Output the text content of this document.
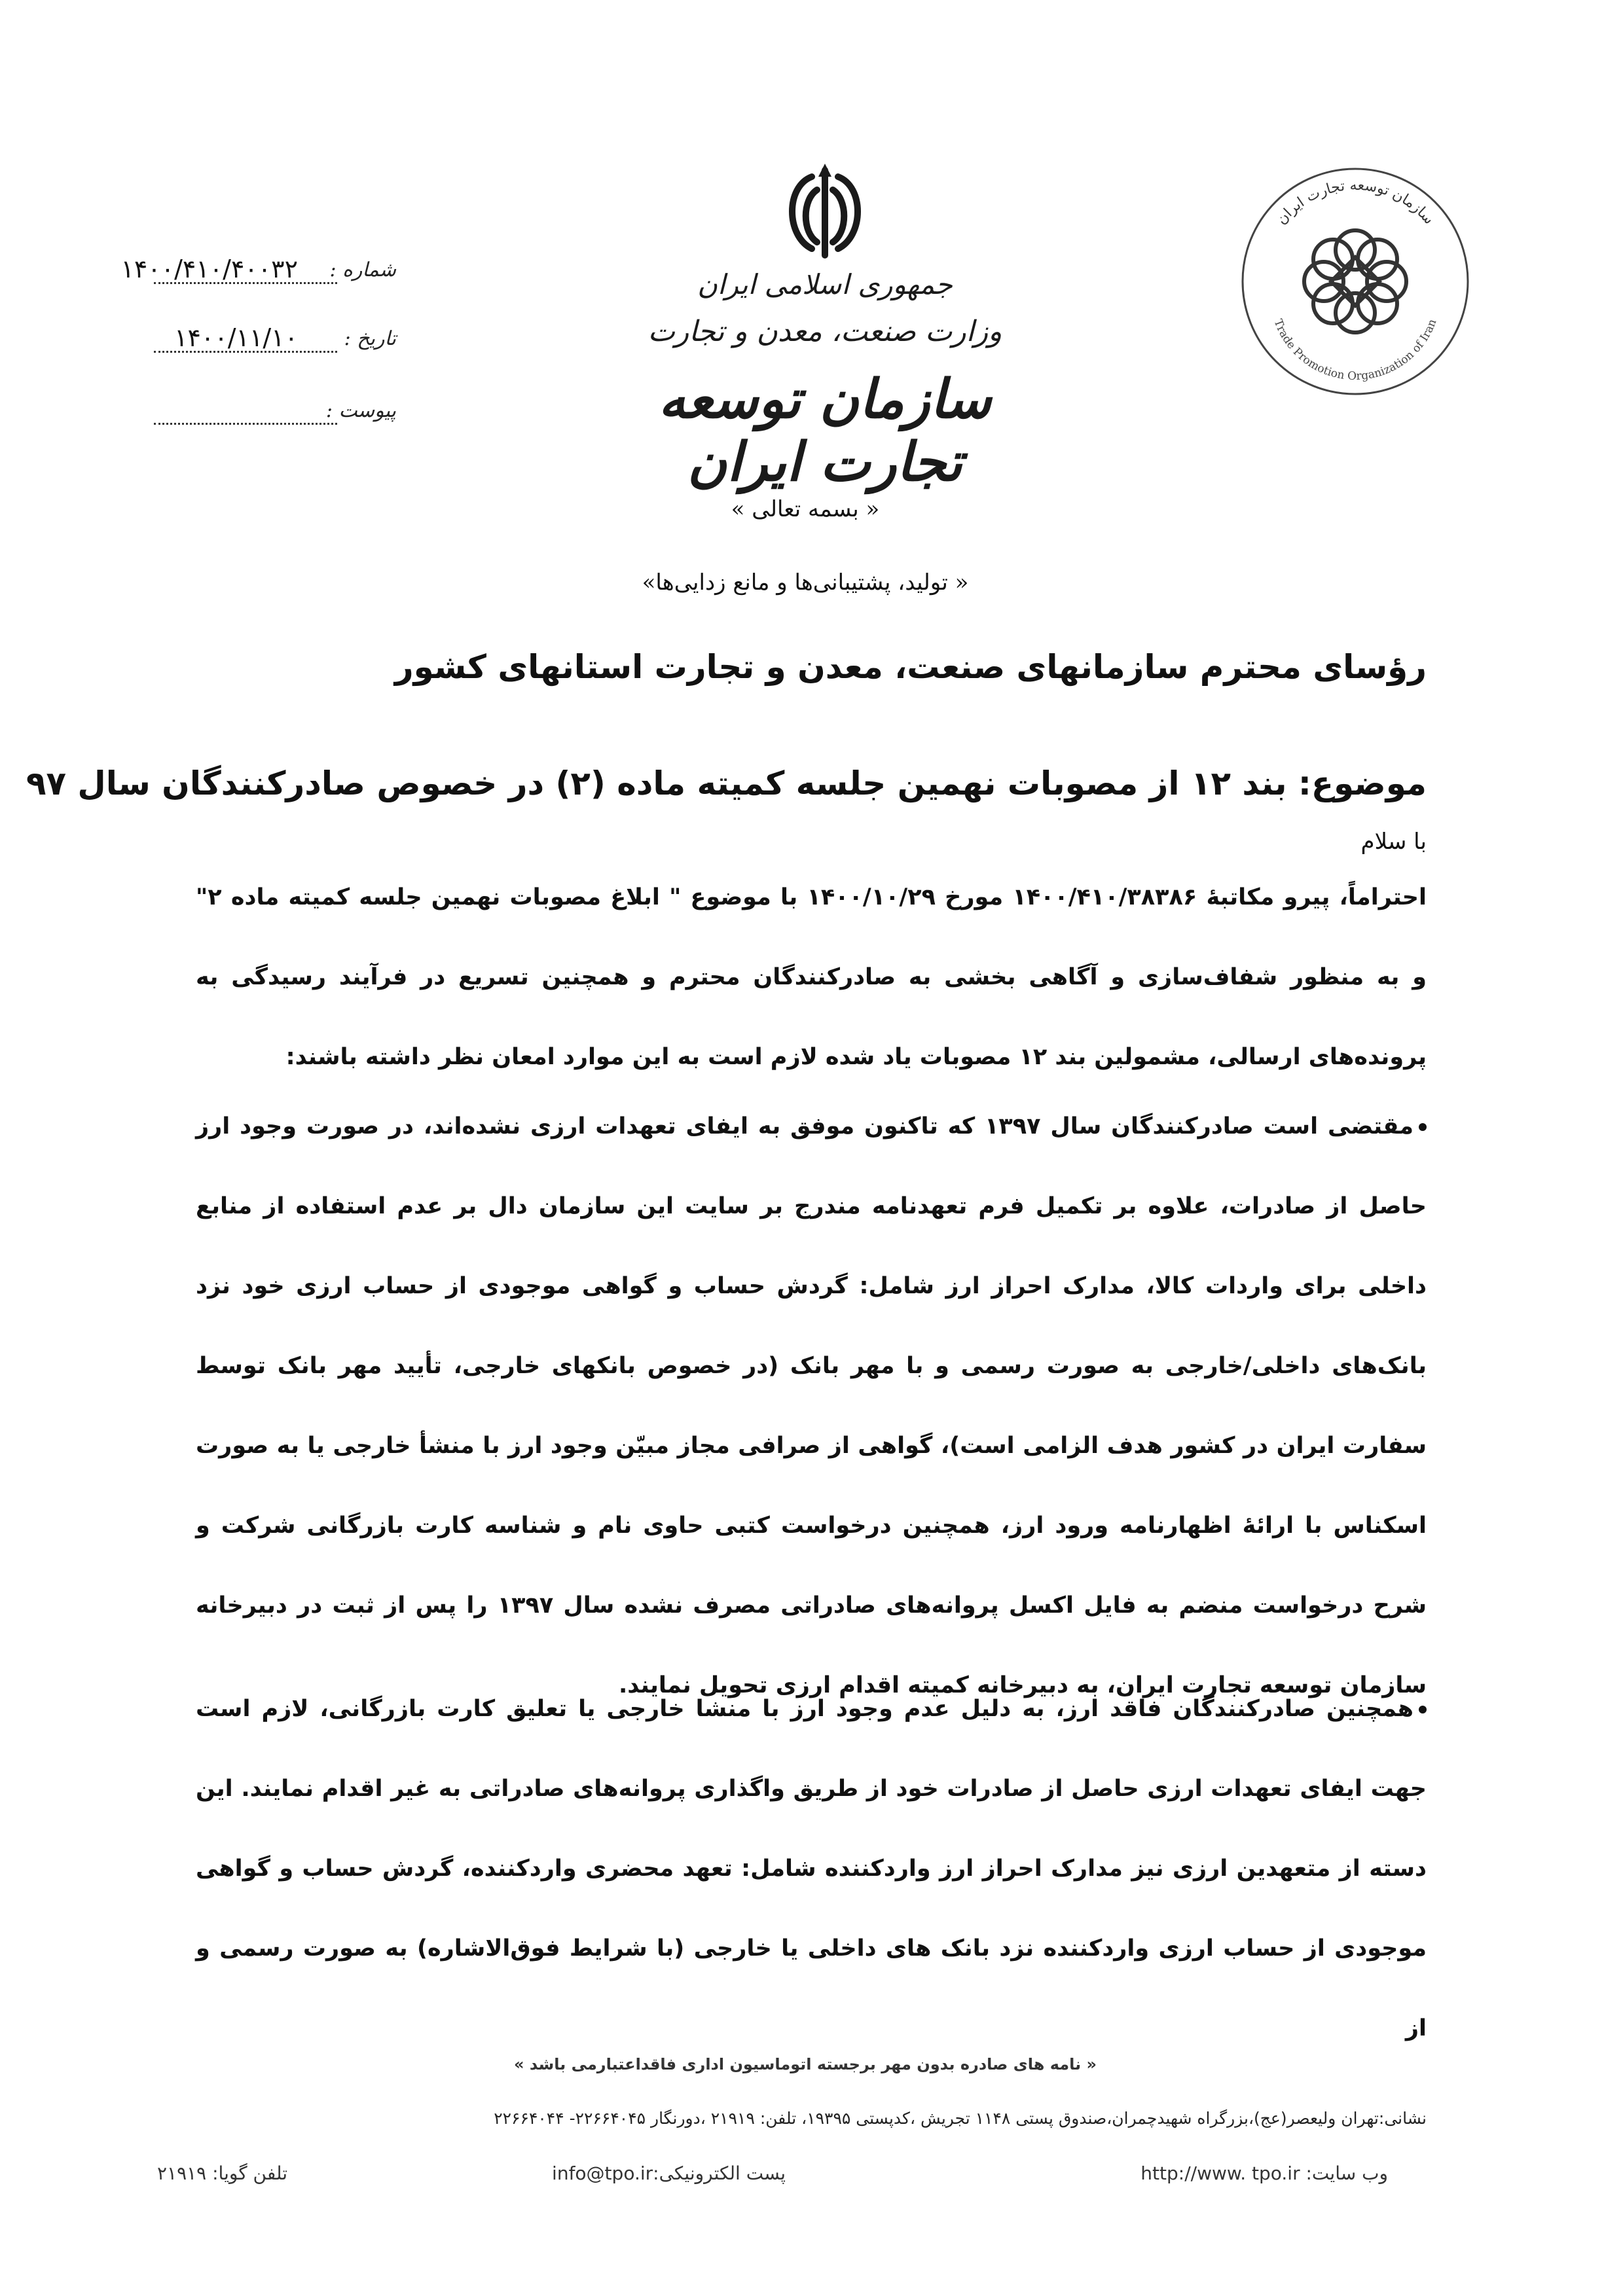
جمهوری اسلامی ایران
وزارت صنعت، معدن و تجارت
سازمان توسعه تجارت ایران
شماره :
۱۴۰۰/۴۱۰/۴۰۰۳۲
تاریخ :
۱۴۰۰/۱۱/۱۰
پیوست :
سازمان توسعه تجارت ایران
Trade Promotion Organization of Iran
« بسمه تعالی »
« تولید، پشتیبانی‌ها و مانع زدایی‌ها»
رؤسای محترم سازمانهای صنعت، معدن و تجارت استانهای کشور
موضوع: بند ۱۲ از مصوبات نهمین جلسه کمیته ماده (۲) در خصوص صادرکنندگان سال ۹۷
با سلام
احتراماً، پیرو مکاتبهٔ ۱۴۰۰/۴۱۰/۳۸۳۸۶ مورخ ۱۴۰۰/۱۰/۲۹ با موضوع " ابلاغ مصوبات نهمین جلسه کمیته ماده ۲" و به منظور شفاف‌سازی و آگاهی بخشی به صادرکنندگان محترم و همچنین تسریع در فرآیند رسیدگی به پرونده‌های ارسالی، مشمولین بند ۱۲ مصوبات یاد شده لازم است به این موارد امعان نظر داشته باشند:
مقتضی است صادرکنندگان سال ۱۳۹۷ که تاکنون موفق به ایفای تعهدات ارزی نشده‌اند، در صورت وجود ارز حاصل از صادرات، علاوه بر تکمیل فرم تعهدنامه مندرج بر سایت این سازمان دال بر عدم استفاده از منابع داخلی برای واردات کالا، مدارک احراز ارز شامل: گردش حساب و گواهی موجودی از حساب ارزی خود نزد بانک‌های داخلی/خارجی به صورت رسمی و با مهر بانک (در خصوص بانکهای خارجی، تأیید مهر بانک توسط سفارت ایران در کشور هدف الزامی است)، گواهی از صرافی مجاز مبیّن وجود ارز با منشأ خارجی یا به صورت اسکناس با ارائهٔ اظهارنامه ورود ارز، همچنین درخواست کتبی حاوی نام و شناسه کارت بازرگانی شرکت و شرح درخواست منضم به فایل اکسل پروانه‌های صادراتی مصرف نشده سال ۱۳۹۷ را پس از ثبت در دبیرخانه سازمان توسعه تجارت ایران، به دبیرخانه کمیته اقدام ارزی تحویل نمایند.
همچنین صادرکنندگان فاقد ارز، به دلیل عدم وجود ارز با منشا خارجی یا تعلیق کارت بازرگانی، لازم است جهت ایفای تعهدات ارزی حاصل از صادرات خود از طریق واگذاری پروانه‌های صادراتی به غیر اقدام نمایند. این دسته از متعهدین ارزی نیز مدارک احراز ارز واردکننده شامل: تعهد محضری واردکننده، گردش حساب و گواهی موجودی از حساب ارزی واردکننده نزد بانک های داخلی یا خارجی (با شرایط فوق‌الاشاره) به صورت رسمی و از
« نامه های صادره بدون مهر برجسته اتوماسیون اداری فاقداعتبارمی باشد »
نشانی:تهران ولیعصر(عج)،بزرگراه شهیدچمران،صندوق پستی ۱۱۴۸ تجریش ،کدپستی ۱۹۳۹۵، تلفن: ۲۱۹۱۹ ،دورنگار ۲۲۶۶۴۰۴۵- ۲۲۶۶۴۰۴۴
وب سایت: http://www. tpo.ir
پست الکترونیکی:info@tpo.ir
تلفن گویا: ۲۱۹۱۹
